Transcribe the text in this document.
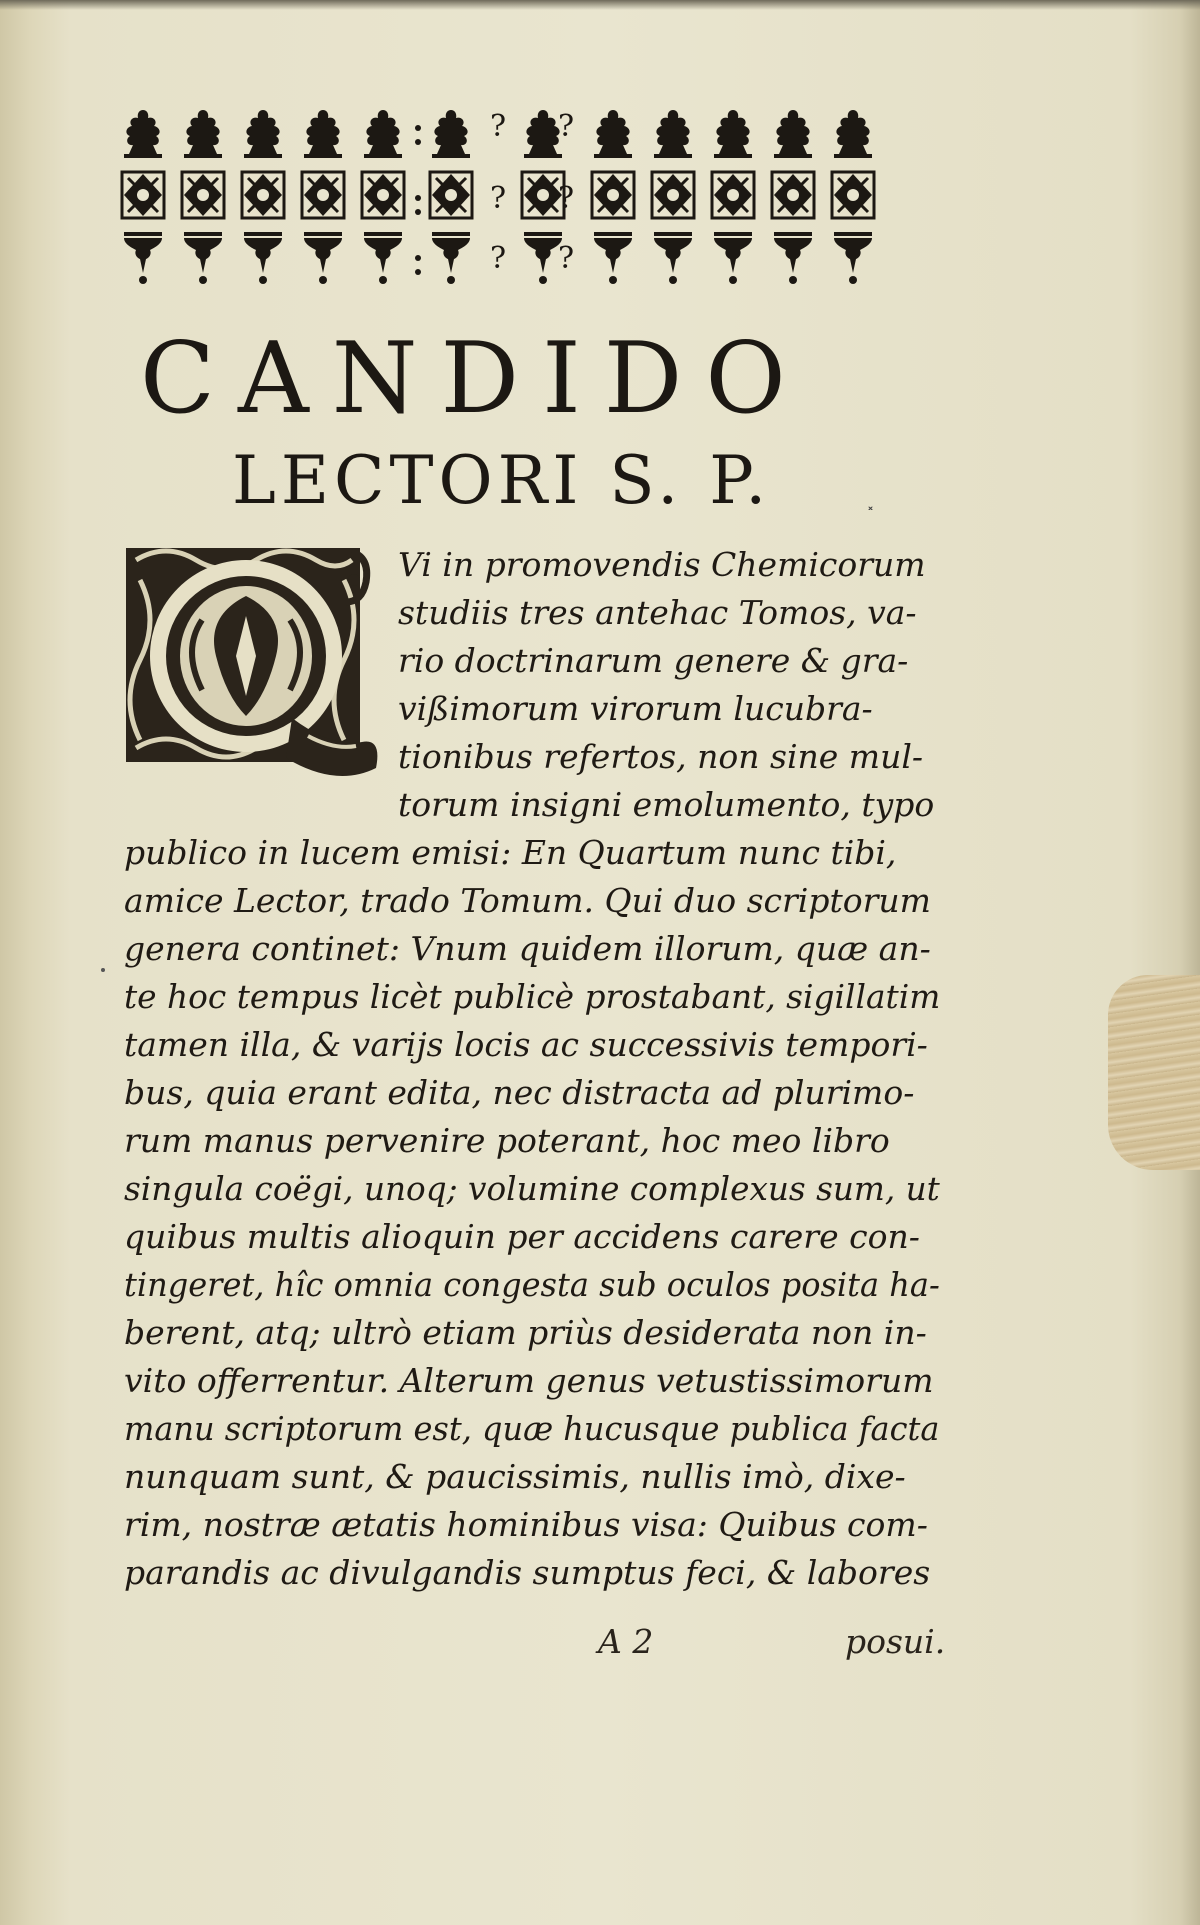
? ?
? ?
? ?
CANDIDO
LECTORI S. P.	˟
Vi in promovendis Chemicorum
studiis tres antehac Tomos, va-
rio doctrinarum genere & gra-
vißimorum virorum lucubra-
tionibus refertos, non sine mul-
torum insigni emolumento, typo
publico in lucem emisi: En Quartum nunc tibi,
amice Lector, trado Tomum. Qui duo scriptorum
genera continet: Vnum quidem illorum, quæ an-
te hoc tempus licèt publicè prostabant, sigillatim
tamen illa, & varijs locis ac successivis tempori-
bus, quia erant edita, nec distracta ad plurimo-
rum manus pervenire poterant, hoc meo libro
singula coëgi, unoq; volumine complexus sum, ut
quibus multis alioquin per accidens carere con-
tingeret, hîc omnia congesta sub oculos posita ha-
berent, atq; ultrò etiam priùs desiderata non in-
vito offerrentur. Alterum genus vetustissimorum
manu scriptorum est, quæ hucusque publica facta
nunquam sunt, & paucissimis, nullis imò, dixe-
rim, nostræ ætatis hominibus visa: Quibus com-
parandis ac divulgandis sumptus feci, & labores
A 2	posui.
